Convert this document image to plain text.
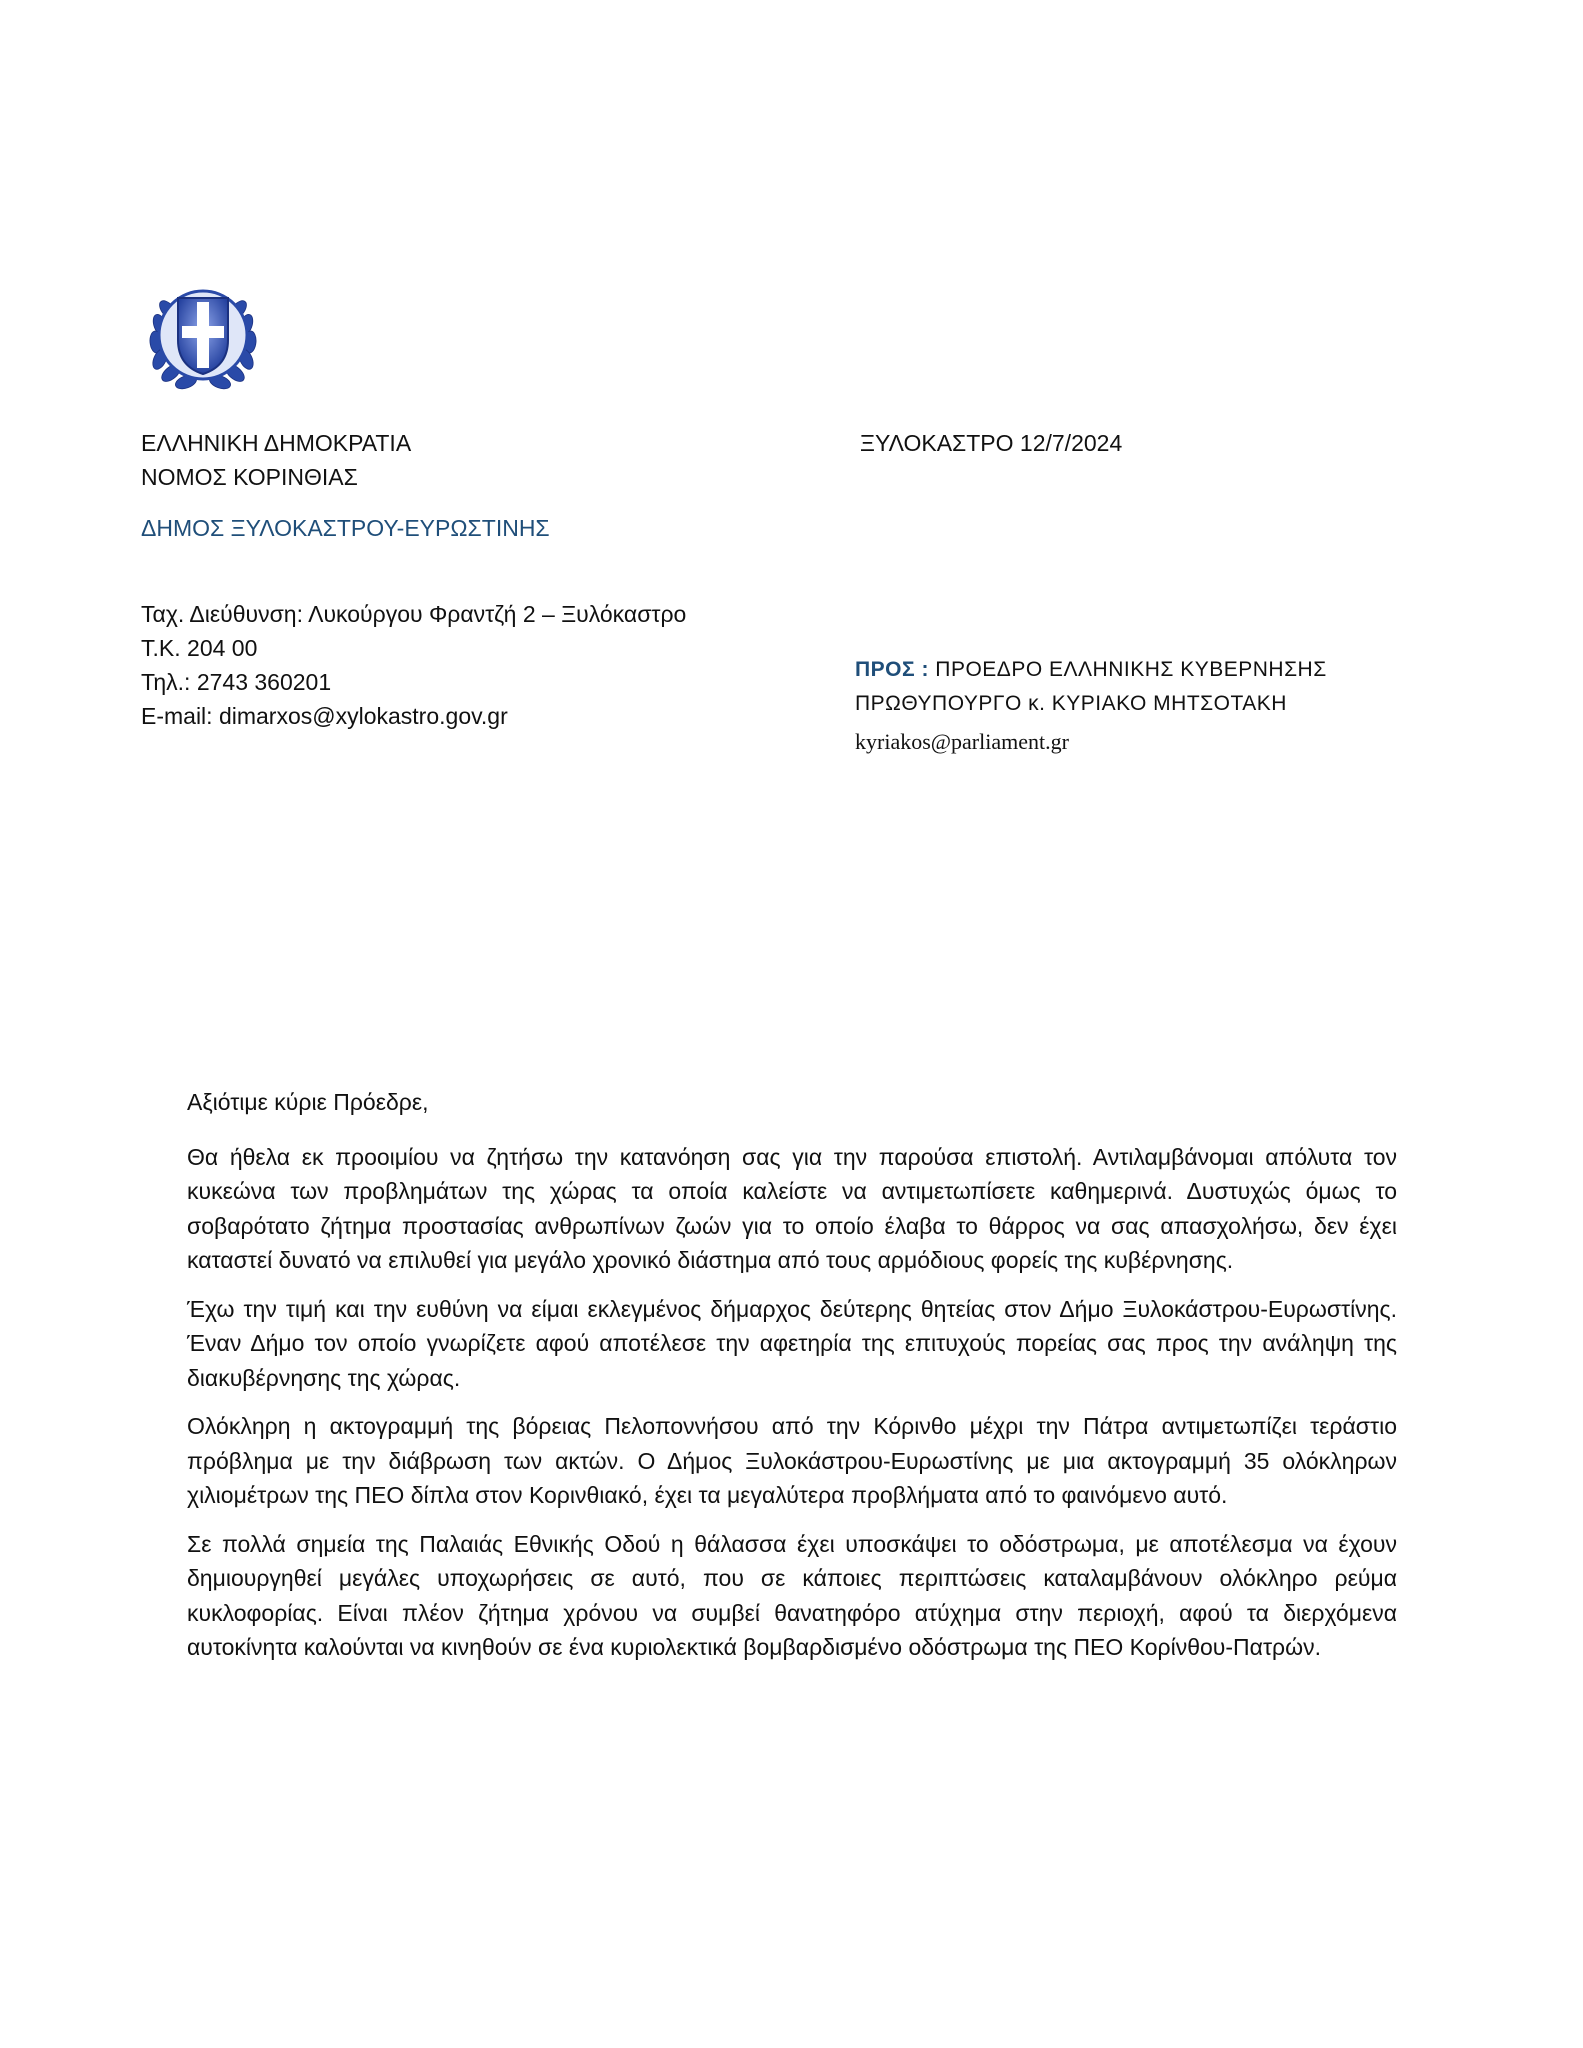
ΕΛΛΗΝΙΚΗ ΔΗΜΟΚΡΑΤΙΑ
ΝΟΜΟΣ ΚΟΡΙΝΘΙΑΣ
ΔΗΜΟΣ ΞΥΛΟΚΑΣΤΡΟΥ-ΕΥΡΩΣΤΙΝΗΣ
ΞΥΛΟΚΑΣΤΡΟ 12/7/2024
Ταχ. Διεύθυνση: Λυκούργου Φραντζή 2 – Ξυλόκαστρο
Τ.Κ. 204 00
Τηλ.: 2743 360201
E-mail: dimarxos@xylokastro.gov.gr
ΠΡΟΣ : ΠΡΟΕΔΡΟ ΕΛΛΗΝΙΚΗΣ ΚΥΒΕΡΝΗΣΗΣ
ΠΡΩΘΥΠΟΥΡΓΟ κ. ΚΥΡΙΑΚΟ ΜΗΤΣΟΤΑΚΗ
kyriakos@parliament.gr

Αξιότιμε κύριε Πρόεδρε,

Θα ήθελα εκ προοιμίου να ζητήσω την κατανόηση σας για την παρούσα επιστολή. Αντιλαμβάνομαι απόλυτα τον κυκεώνα των προβλημάτων της χώρας τα οποία καλείστε να αντιμετωπίσετε καθημερινά. Δυστυχώς όμως το σοβαρότατο ζήτημα προστασίας ανθρωπίνων ζωών για το οποίο έλαβα το θάρρος να σας απασχολήσω, δεν έχει καταστεί δυνατό να επιλυθεί για μεγάλο χρονικό διάστημα από τους αρμόδιους φορείς της κυβέρνησης.

Έχω την τιμή και την ευθύνη να είμαι εκλεγμένος δήμαρχος δεύτερης θητείας στον Δήμο Ξυλοκάστρου-Ευρωστίνης. Έναν Δήμο τον οποίο γνωρίζετε αφού αποτέλεσε την αφετηρία της επιτυχούς πορείας σας προς την ανάληψη της διακυβέρνησης της χώρας.

Ολόκληρη η ακτογραμμή της βόρειας Πελοποννήσου από την Κόρινθο μέχρι την Πάτρα αντιμετωπίζει τεράστιο πρόβλημα με την διάβρωση των ακτών. Ο Δήμος Ξυλοκάστρου-Ευρωστίνης με μια ακτογραμμή 35 ολόκληρων χιλιομέτρων της ΠΕΟ δίπλα στον Κορινθιακό, έχει τα μεγαλύτερα προβλήματα από το φαινόμενο αυτό.

Σε πολλά σημεία της Παλαιάς Εθνικής Οδού η θάλασσα έχει υποσκάψει το οδόστρωμα, με αποτέλεσμα να έχουν δημιουργηθεί μεγάλες υποχωρήσεις σε αυτό, που σε κάποιες περιπτώσεις καταλαμβάνουν ολόκληρο ρεύμα κυκλοφορίας. Είναι πλέον ζήτημα χρόνου να συμβεί θανατηφόρο ατύχημα στην περιοχή, αφού τα διερχόμενα αυτοκίνητα καλούνται να κινηθούν σε ένα κυριολεκτικά βομβαρδισμένο οδόστρωμα της ΠΕΟ Κορίνθου-Πατρών.
